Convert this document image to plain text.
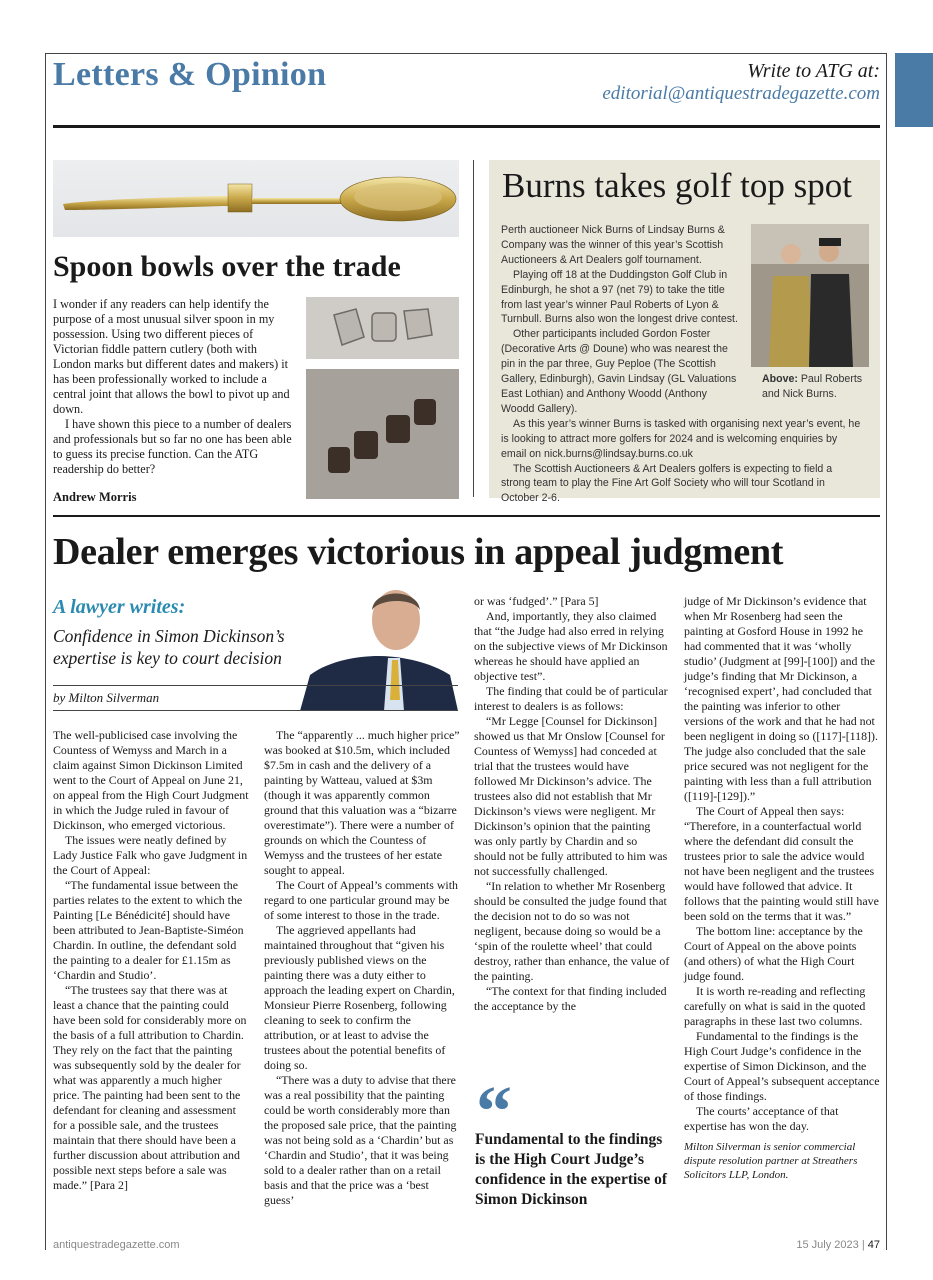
Letters & Opinion	Write to ATG at:
editorial@antiquestradegazette.com
Spoon bowls over the trade

I wonder if any readers can help identify the purpose of a most unusual silver spoon in my possession. Using two different pieces of Victorian fiddle pattern cutlery (both with London marks but different dates and makers) it has been professionally worked to include a central joint that allows the bowl to pivot up and down.

I have shown this piece to a number of dealers and professionals but so far no one has been able to guess its precise function. Can the ATG readership do better?

Andrew Morris
Burns takes golf top spot

Perth auctioneer Nick Burns of Lindsay Burns & Company was the winner of this year’s Scottish Auctioneers & Art Dealers golf tournament.

Playing off 18 at the Duddingston Golf Club in Edinburgh, he shot a 97 (net 79) to take the title from last year’s winner Paul Roberts of Lyon & Turnbull. Burns also won the longest drive contest.

Other participants included Gordon Foster (Decorative Arts @ Doune) who was nearest the pin in the par three, Guy Peploe (The Scottish Gallery, Edinburgh), Gavin Lindsay (GL Valuations East Lothian) and Anthony Woodd (Anthony Woodd Gallery).

As this year’s winner Burns is tasked with organising next year’s event, he is looking to attract more golfers for 2024 and is welcoming enquiries by email on nick.burns@lindsay.burns.co.uk

The Scottish Auctioneers & Art Dealers golfers is expecting to field a strong team to play the Fine Art Golf Society who will tour Scotland in October 2-6.

Above: Paul Roberts and Nick Burns.
Dealer emerges victorious in appeal judgment
A lawyer writes:
Confidence in Simon Dickinson’s expertise is key to court decision
by Milton Silverman

The well-publicised case involving the Countess of Wemyss and March in a claim against Simon Dickinson Limited went to the Court of Appeal on June 21, on appeal from the High Court Judgment in which the Judge ruled in favour of Dickinson, who emerged victorious.

The issues were neatly defined by Lady Justice Falk who gave Judgment in the Court of Appeal:

“The fundamental issue between the parties relates to the extent to which the Painting [Le Bénédicité] should have been attributed to Jean-Baptiste-Siméon Chardin. In outline, the defendant sold the painting to a dealer for £1.15m as ‘Chardin and Studio’.

“The trustees say that there was at least a chance that the painting could have been sold for considerably more on the basis of a full attribution to Chardin. They rely on the fact that the painting was subsequently sold by the dealer for what was apparently a much higher price. The painting had been sent to the defendant for cleaning and assessment for a possible sale, and the trustees maintain that there should have been a further discussion about attribution and possible next steps before a sale was made.” [Para 2]

The “apparently ... much higher price” was booked at $10.5m, which included $7.5m in cash and the delivery of a painting by Watteau, valued at $3m (though it was apparently common ground that this valuation was a “bizarre overestimate”). There were a number of grounds on which the Countess of Wemyss and the trustees of her estate sought to appeal.

The Court of Appeal’s comments with regard to one particular ground may be of some interest to those in the trade.

The aggrieved appellants had maintained throughout that “given his previously published views on the painting there was a duty either to approach the leading expert on Chardin, Monsieur Pierre Rosenberg, following cleaning to seek to confirm the attribution, or at least to advise the trustees about the potential benefits of doing so.

“There was a duty to advise that there was a real possibility that the painting could be worth considerably more than the proposed sale price, that the painting was not being sold as a ‘Chardin’ but as ‘Chardin and Studio’, that it was being sold to a dealer rather than on a retail basis and that the price was a ‘best guess’

or was ‘fudged’.” [Para 5]

And, importantly, they also claimed that “the Judge had also erred in relying on the subjective views of Mr Dickinson whereas he should have applied an objective test”.

The finding that could be of particular interest to dealers is as follows:

“Mr Legge [Counsel for Dickinson] showed us that Mr Onslow [Counsel for Countess of Wemyss] had conceded at trial that the trustees would have followed Mr Dickinson’s advice. The trustees also did not establish that Mr Dickinson’s views were negligent. Mr Dickinson’s opinion that the painting was only partly by Chardin and so should not be fully attributed to him was not successfully challenged.

“In relation to whether Mr Rosenberg should be consulted the judge found that the decision not to do so was not negligent, because doing so would be a ‘spin of the roulette wheel’ that could destroy, rather than enhance, the value of the painting.

“The context for that finding included the acceptance by the

judge of Mr Dickinson’s evidence that when Mr Rosenberg had seen the painting at Gosford House in 1992 he had commented that it was ‘wholly studio’ (Judgment at [99]-[100]) and the judge’s finding that Mr Dickinson, a ‘recognised expert’, had concluded that the painting was inferior to other versions of the work and that he had not been negligent in doing so ([117]-[118]). The judge also concluded that the sale price secured was not negligent for the painting with less than a full attribution ([119]-[129]).”

The Court of Appeal then says: “Therefore, in a counterfactual world where the defendant did consult the trustees prior to sale the advice would not have been negligent and the trustees would have followed that advice. It follows that the painting would still have been sold on the terms that it was.”

The bottom line: acceptance by the Court of Appeal on the above points (and others) of what the High Court judge found.

It is worth re-reading and reflecting carefully on what is said in the quoted paragraphs in these last two columns.

Fundamental to the findings is the High Court Judge’s confidence in the expertise of Simon Dickinson, and the Court of Appeal’s subsequent acceptance of those findings.

The courts’ acceptance of that expertise has won the day.

Milton Silverman is senior commercial dispute resolution partner at Streathers Solicitors LLP, London.

“
Fundamental to the findings is the High Court Judge’s confidence in the expertise of Simon Dickinson
antiquestradegazette.com	15 July 2023 | 47
